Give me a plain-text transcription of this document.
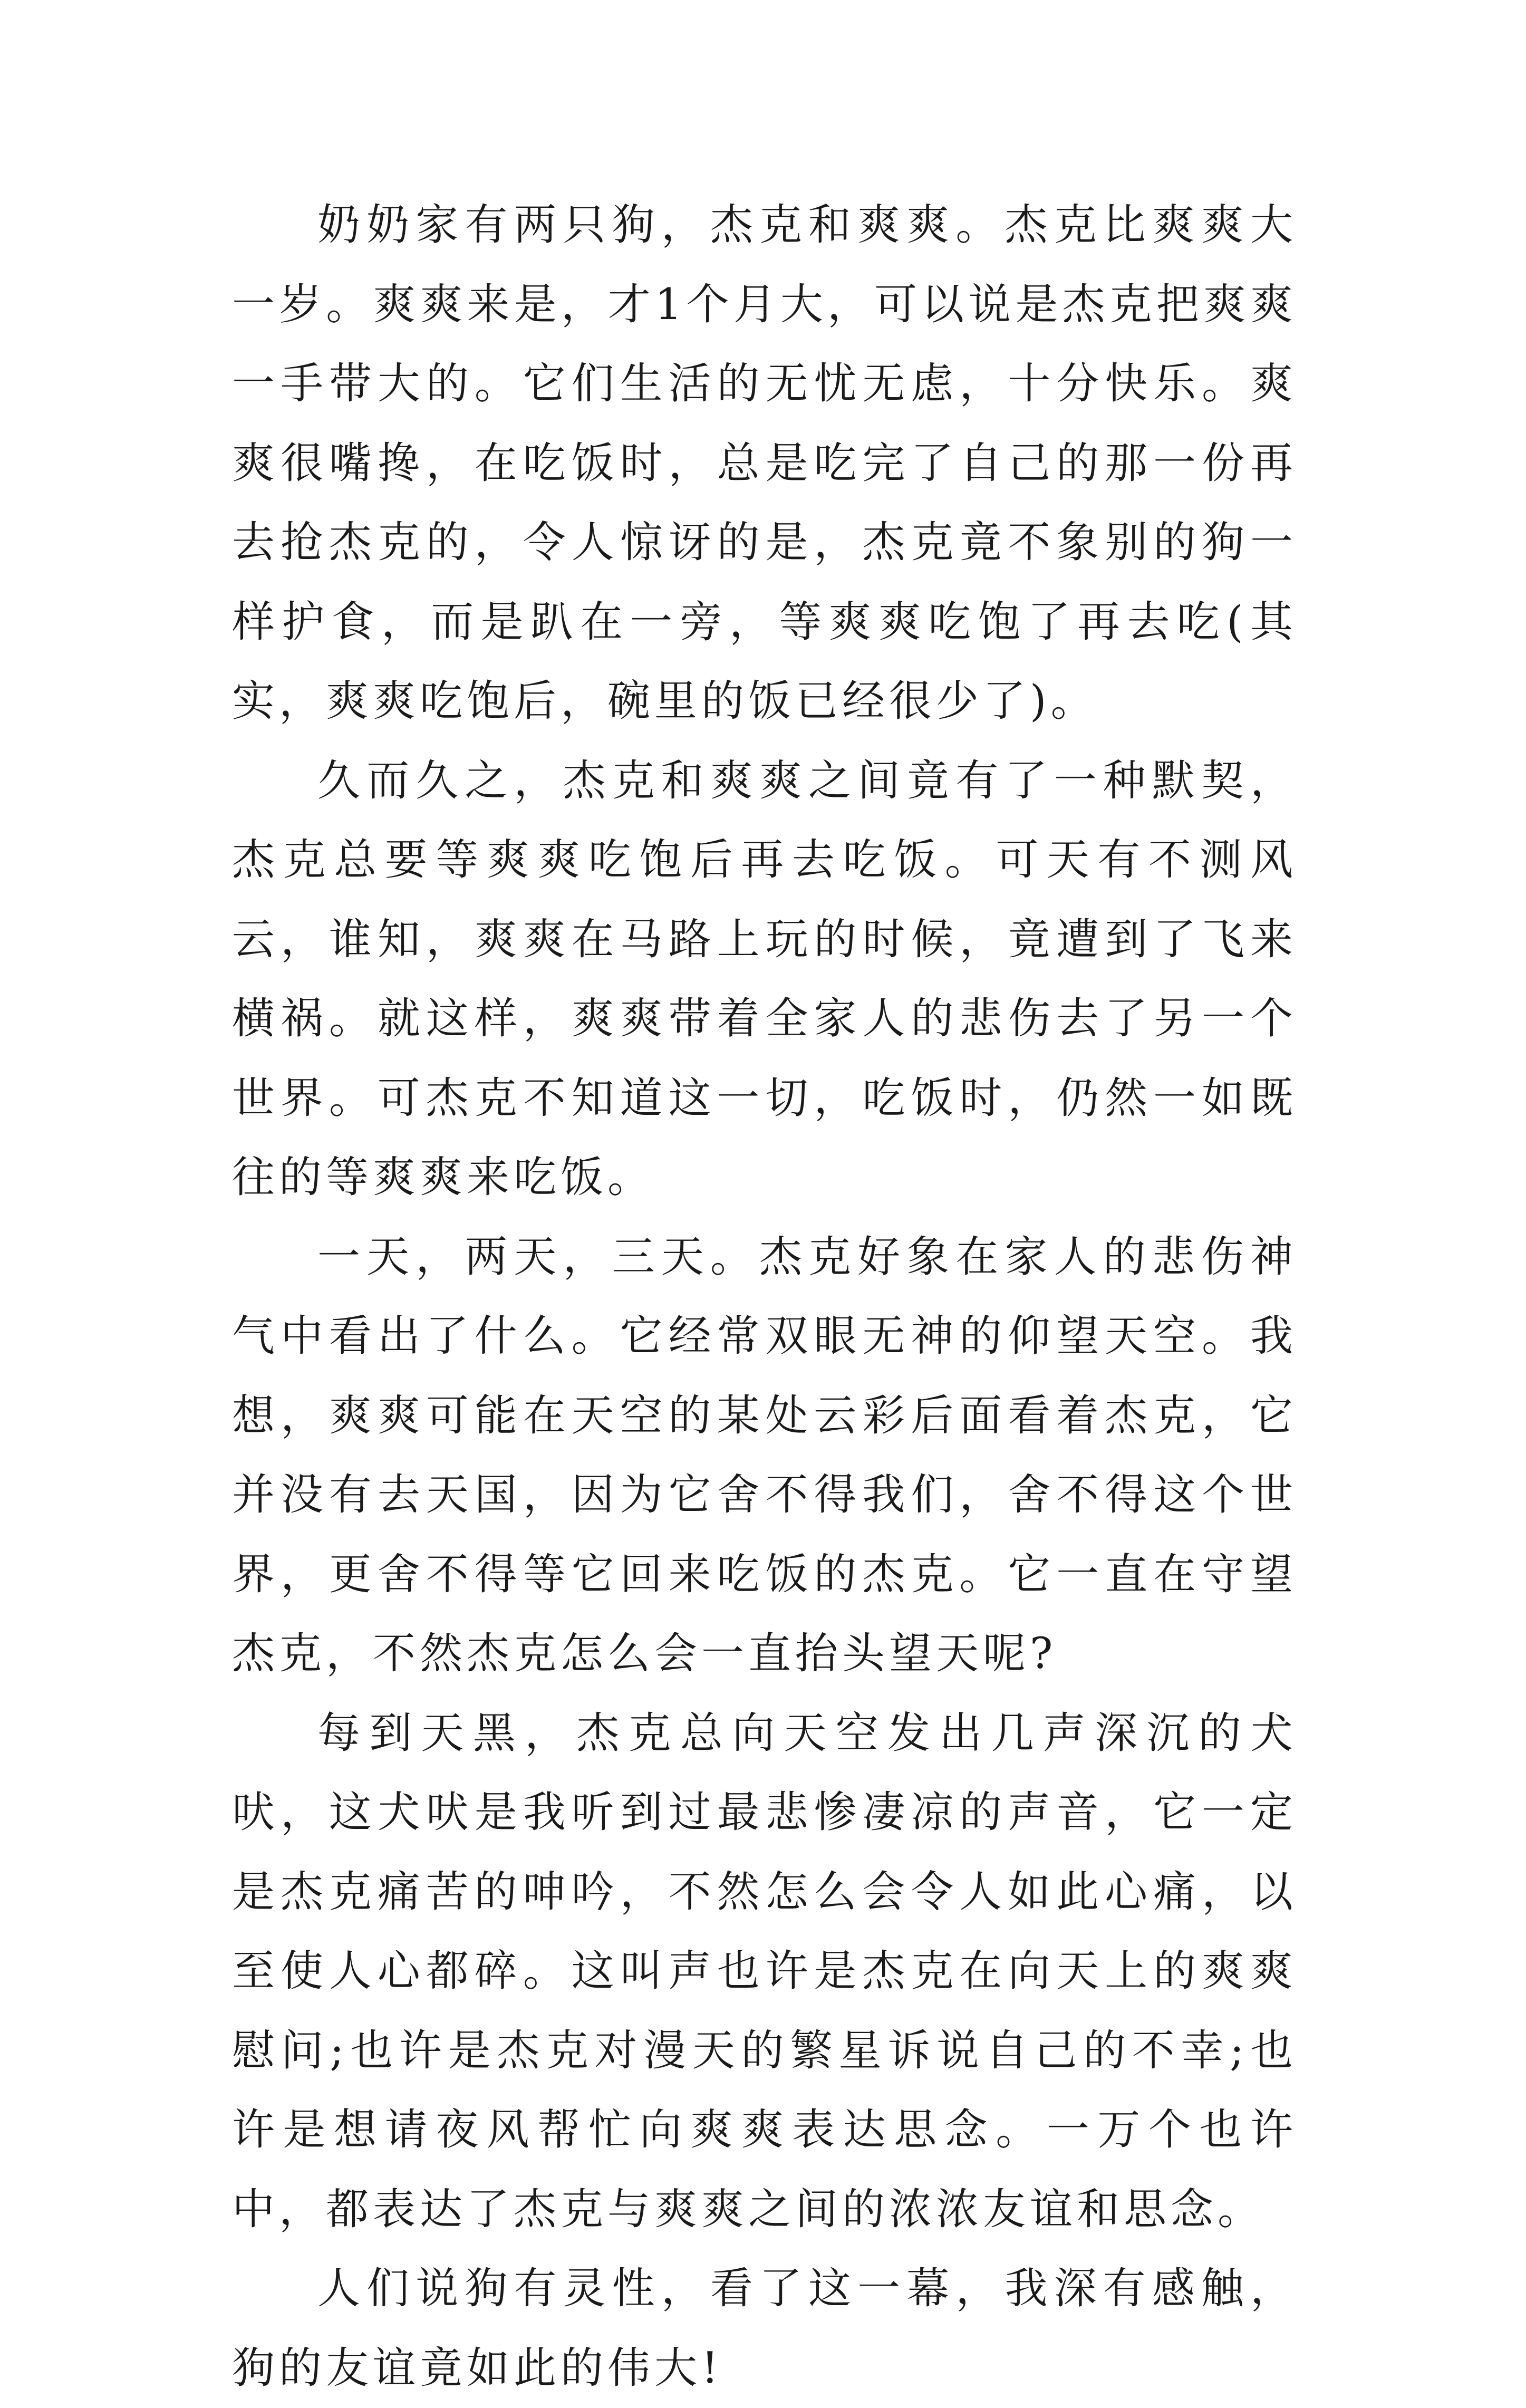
奶奶家有两只狗，杰克和爽爽。杰克比爽爽大一岁。爽爽来是，才1个月大，可以说是杰克把爽爽一手带大的。它们生活的无忧无虑，十分快乐。爽爽很嘴搀，在吃饭时，总是吃完了自己的那一份再去抢杰克的，令人惊讶的是，杰克竟不象别的狗一样护食，而是趴在一旁，等爽爽吃饱了再去吃(其实，爽爽吃饱后，碗里的饭已经很少了)。

久而久之，杰克和爽爽之间竟有了一种默契，杰克总要等爽爽吃饱后再去吃饭。可天有不测风云，谁知，爽爽在马路上玩的时候，竟遭到了飞来横祸。就这样，爽爽带着全家人的悲伤去了另一个世界。可杰克不知道这一切，吃饭时，仍然一如既往的等爽爽来吃饭。

一天，两天，三天。杰克好象在家人的悲伤神气中看出了什么。它经常双眼无神的仰望天空。我想，爽爽可能在天空的某处云彩后面看着杰克，它并没有去天国，因为它舍不得我们，舍不得这个世界，更舍不得等它回来吃饭的杰克。它一直在守望杰克，不然杰克怎么会一直抬头望天呢?

每到天黑，杰克总向天空发出几声深沉的犬吠，这犬吠是我听到过最悲惨凄凉的声音，它一定是杰克痛苦的呻吟，不然怎么会令人如此心痛，以至使人心都碎。这叫声也许是杰克在向天上的爽爽慰问;也许是杰克对漫天的繁星诉说自己的不幸;也许是想请夜风帮忙向爽爽表达思念。一万个也许中，都表达了杰克与爽爽之间的浓浓友谊和思念。

人们说狗有灵性，看了这一幕，我深有感触，狗的友谊竟如此的伟大!
